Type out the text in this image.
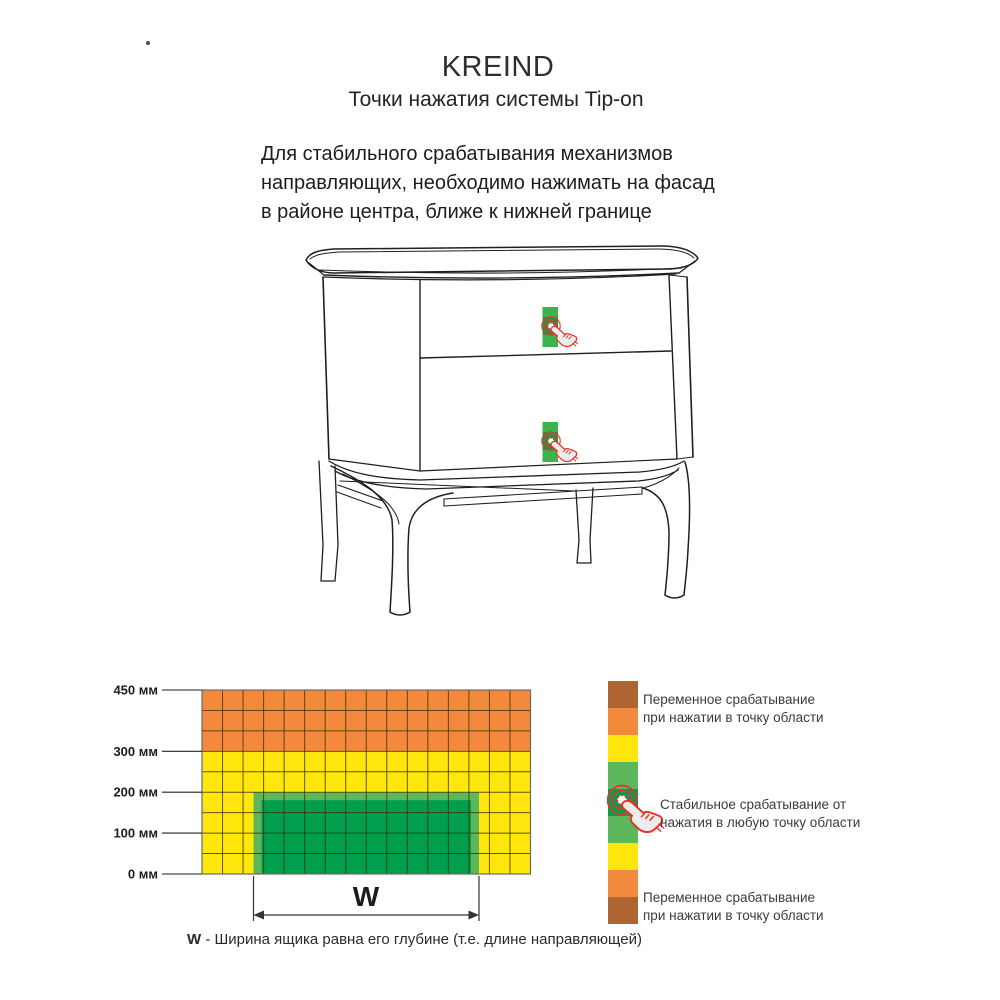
450 мм
300 мм
200 мм
100 мм
0 мм
W
KREIND
Точки нажатия системы Tip-on
Для стабильного срабатывания механизмов
направляющих, необходимо нажимать на фасад
в районе центра, ближе к нижней границе
Переменное срабатывание
при нажатии в точку области
Стабильное срабатывание от
нажатия в любую точку области
Переменное срабатывание
при нажатии в точку области
W - Ширина ящика равна его глубине (т.е. длине направляющей)
